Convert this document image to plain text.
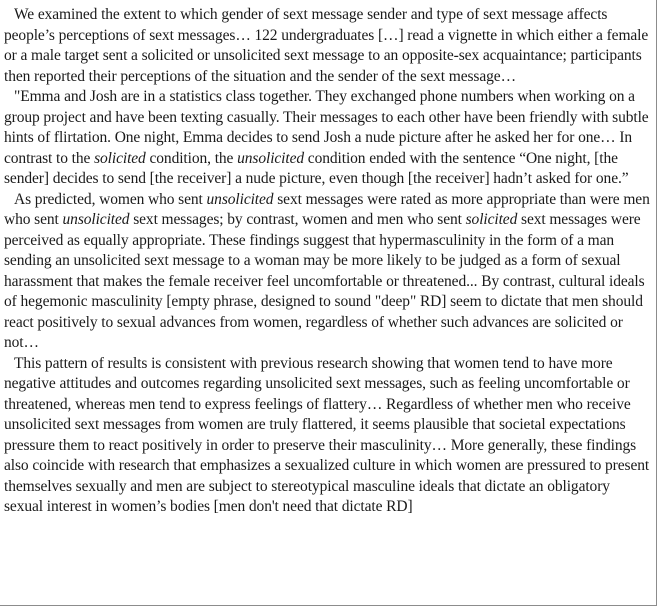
We examined the extent to which gender of sext message sender and type of sext message affects people’s perceptions of sext messages… 122 undergraduates […] read a vignette in which either a female or a male target sent a solicited or unsolicited sext message to an opposite-sex acquaintance; participants then reported their perceptions of the situation and the sender of the sext message…

"Emma and Josh are in a statistics class together. They exchanged phone numbers when working on a group project and have been texting casually. Their messages to each other have been friendly with subtle hints of flirtation. One night, Emma decides to send Josh a nude picture after he asked her for one… In contrast to the solicited condition, the unsolicited condition ended with the sentence “One night, [the sender] decides to send [the receiver] a nude picture, even though [the receiver] hadn’t asked for one.”

As predicted, women who sent unsolicited sext messages were rated as more appropriate than were men who sent unsolicited sext messages; by contrast, women and men who sent solicited sext messages were perceived as equally appropriate. These findings suggest that hypermasculinity in the form of a man sending an unsolicited sext message to a woman may be more likely to be judged as a form of sexual harassment that makes the female receiver feel uncomfortable or threatened... By contrast, cultural ideals of hegemonic masculinity [empty phrase, designed to sound "deep" RD] seem to dictate that men should react positively to sexual advances from women, regardless of whether such advances are solicited or not…

This pattern of results is consistent with previous research showing that women tend to have more negative attitudes and outcomes regarding unsolicited sext messages, such as feeling uncomfortable or threatened, whereas men tend to express feelings of flattery… Regardless of whether men who receive unsolicited sext messages from women are truly flattered, it seems plausible that societal expectations pressure them to react positively in order to preserve their masculinity… More generally, these findings also coincide with research that emphasizes a sexualized culture in which women are pressured to present themselves sexually and men are subject to stereotypical masculine ideals that dictate an obligatory sexual interest in women’s bodies [men don't need that dictate RD]
